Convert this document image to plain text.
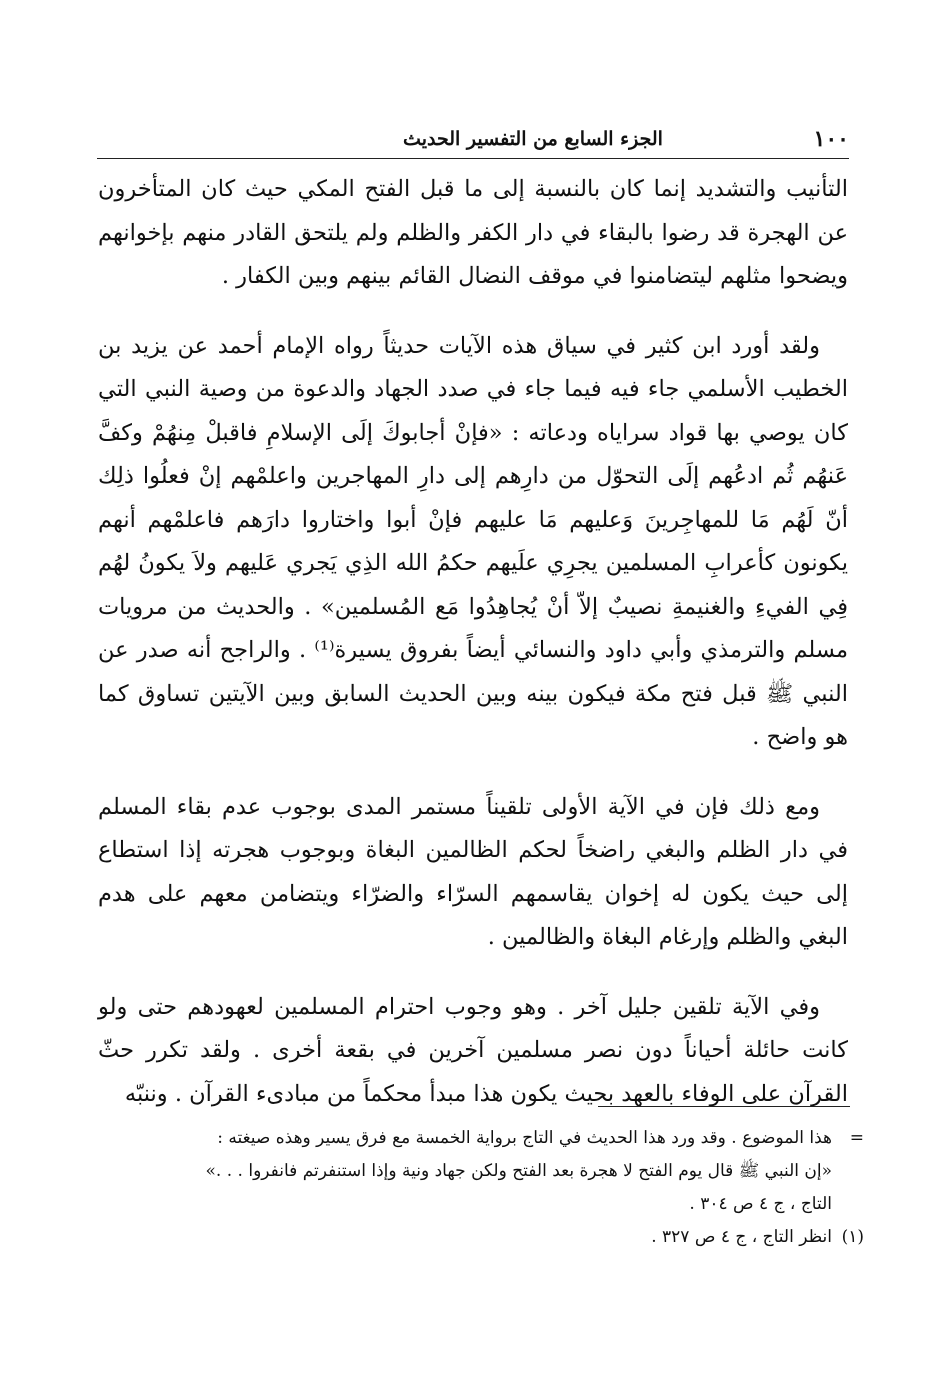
١٠٠
الجزء السابع من التفسير الحديث

التأنيب والتشديد إنما كان بالنسبة إلى ما قبل الفتح المكي حيث كان المتأخرون عن الهجرة قد رضوا بالبقاء في دار الكفر والظلم ولم يلتحق القادر منهم بإخوانهم ويضحوا مثلهم ليتضامنوا في موقف النضال القائم بينهم وبين الكفار .

ولقد أورد ابن كثير في سياق هذه الآيات حديثاً رواه الإمام أحمد عن يزيد بن الخطيب الأسلمي جاء فيه فيما جاء في صدد الجهاد والدعوة من وصية النبي التي كان يوصي بها قواد سراياه ودعاته : «فإنْ أجابوكَ إلَى الإسلامِ فاقبلْ مِنهُمْ وكفَّ عَنهُم ثُم ادعُهم إلَى التحوّل من دارِهم إلى دارِ المهاجرين واعلمْهم إنْ فعلُوا ذلِك أنّ لَهُم مَا للمهاجِرينَ وَعليهم مَا عليهم فإنْ أبوا واختاروا دارَهم فاعلمْهم أنهم يكونون كأعرابِ المسلمين يجرِي علَيهم حكمُ الله الذِي يَجري عَليهم ولاَ يكونُ لهُم فِي الفيءِ والغنيمةِ نصيبٌ إلاّ أنْ يُجاهِدُوا مَع المُسلمين» . والحديث من مرويات مسلم والترمذي وأبي داود والنسائي أيضاً بفروق يسيرة⁽¹⁾ . والراجح أنه صدر عن النبي ﷺ قبل فتح مكة فيكون بينه وبين الحديث السابق وبين الآيتين تساوق كما هو واضح .

ومع ذلك فإن في الآية الأولى تلقيناً مستمر المدى بوجوب عدم بقاء المسلم في دار الظلم والبغي راضخاً لحكم الظالمين البغاة وبوجوب هجرته إذا استطاع إلى حيث يكون له إخوان يقاسمهم السرّاء والضرّاء ويتضامن معهم على هدم البغي والظلم وإرغام البغاة والظالمين .

وفي الآية تلقين جليل آخر . وهو وجوب احترام المسلمين لعهودهم حتى ولو كانت حائلة أحياناً دون نصر مسلمين آخرين في بقعة أخرى . ولقد تكرر حثّ القرآن على الوفاء بالعهد بحيث يكون هذا مبدأ محكماً من مبادىء القرآن . وننبّه

=
هذا الموضوع . وقد ورد هذا الحديث في التاج برواية الخمسة مع فرق يسير وهذه صيغته :
«إن النبي ﷺ قال يوم الفتح لا هجرة بعد الفتح ولكن جهاد ونية وإذا استنفرتم فانفروا . . .»
التاج ، ج ٤ ص ٣٠٤ .
(١)
انظر التاج ، ج ٤ ص ٣٢٧ .
